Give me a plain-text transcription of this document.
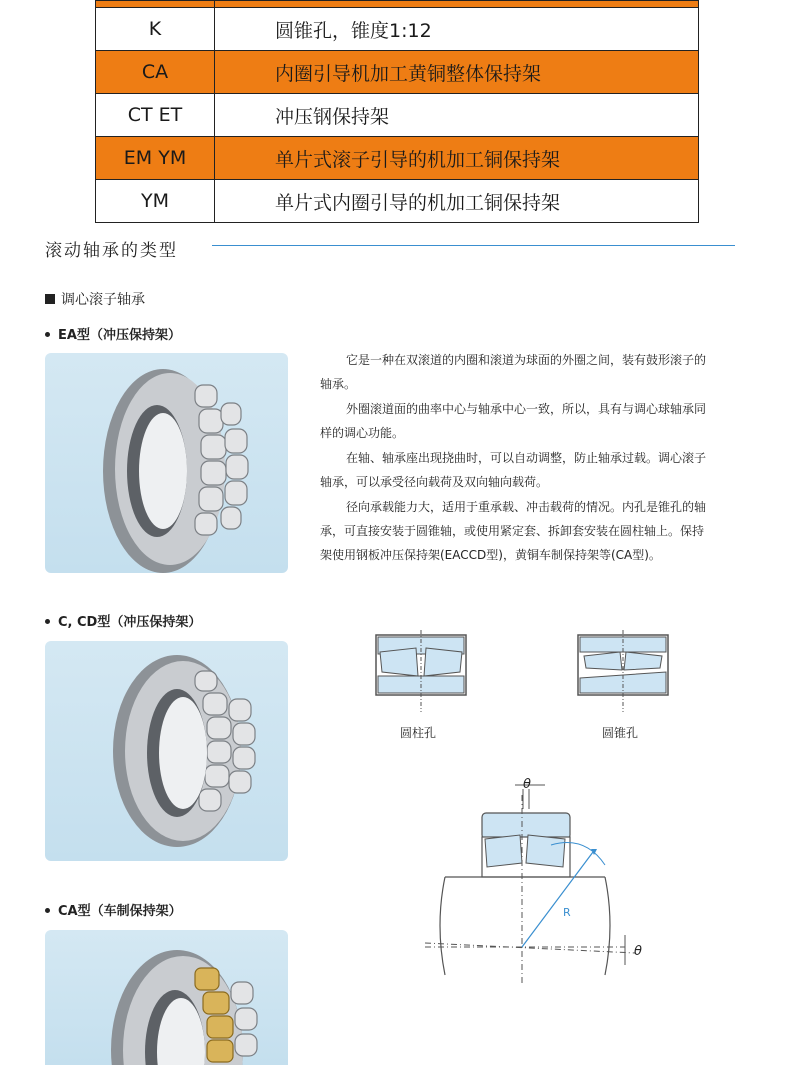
K	圆锥孔，锥度1:12
CA	内圈引导机加工黄铜整体保持架
CT ET	冲压钢保持架
EM YM	单片式滚子引导的机加工铜保持架
YM	单片式内圈引导的机加工铜保持架
滚动轴承的类型
调心滚子轴承
EA型（冲压保持架）

它是一种在双滚道的内圈和滚道为球面的外圈之间，装有鼓形滚子的轴承。

外圈滚道面的曲率中心与轴承中心一致，所以，具有与调心球轴承同样的调心功能。

在轴、轴承座出现挠曲时，可以自动调整，防止轴承过载。调心滚子轴承，可以承受径向载荷及双向轴向载荷。

径向承载能力大，适用于重承载、冲击载荷的情况。内孔是锥孔的轴承，可直接安装于圆锥轴，或使用紧定套、拆卸套安装在圆柱轴上。保持架使用钢板冲压保持架(EACCD型)，黄铜车制保持架等(CA型)。

C, CD型（冲压保持架）
圆柱孔	圆锥孔
θ
R
θ
CA型（车制保持架）
